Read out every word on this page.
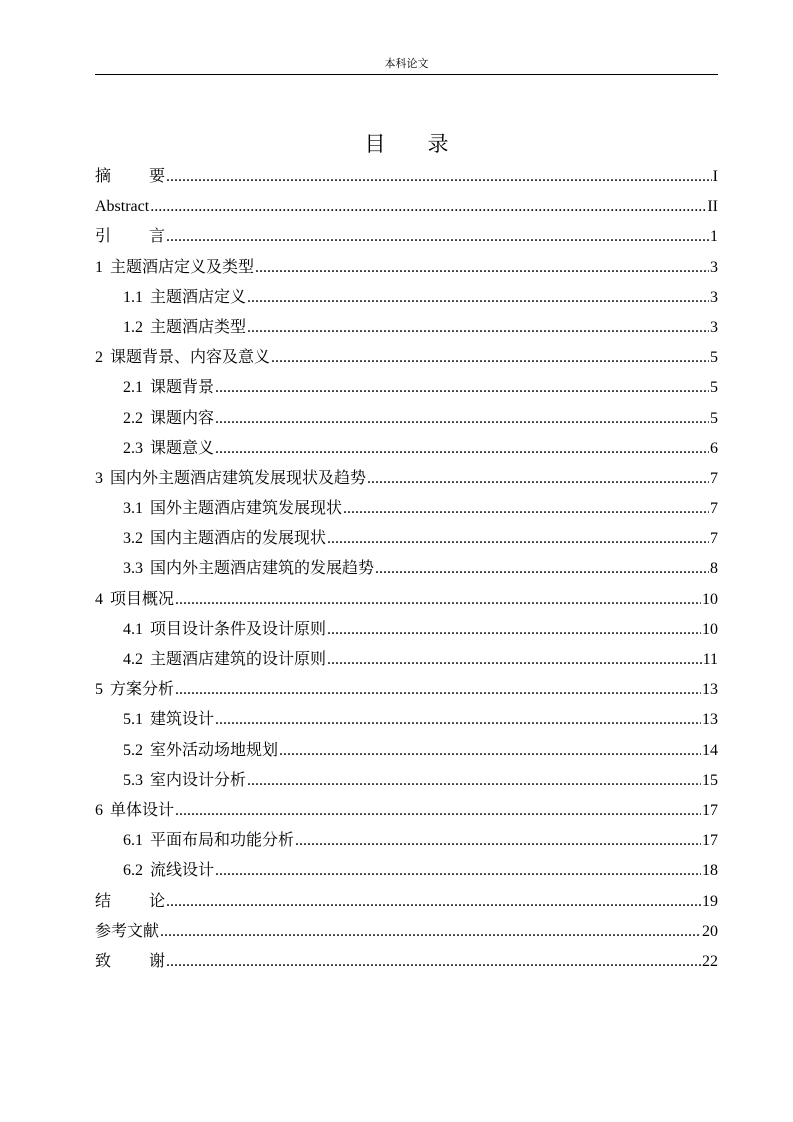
本科论文
目 录
摘 要 .....	I
Abstract .....	II
引 言 .....	1
1 主题酒店定义及类型 .....	3
1.1 主题酒店定义 .....	3
1.2 主题酒店类型 .....	3
2 课题背景、内容及意义 .....	5
2.1 课题背景 .....	5
2.2 课题内容 .....	5
2.3 课题意义 .....	6
3 国内外主题酒店建筑发展现状及趋势 .....	7
3.1 国外主题酒店建筑发展现状 .....	7
3.2 国内主题酒店的发展现状 .....	7
3.3 国内外主题酒店建筑的发展趋势 .....	8
4 项目概况 .....	10
4.1 项目设计条件及设计原则 .....	10
4.2 主题酒店建筑的设计原则 .....	11
5 方案分析 .....	13
5.1 建筑设计 .....	13
5.2 室外活动场地规划 .....	14
5.3 室内设计分析 .....	15
6 单体设计 .....	17
6.1 平面布局和功能分析 .....	17
6.2 流线设计 .....	18
结 论 .....	19
参考文献 .....	20
致 谢 .....	22
